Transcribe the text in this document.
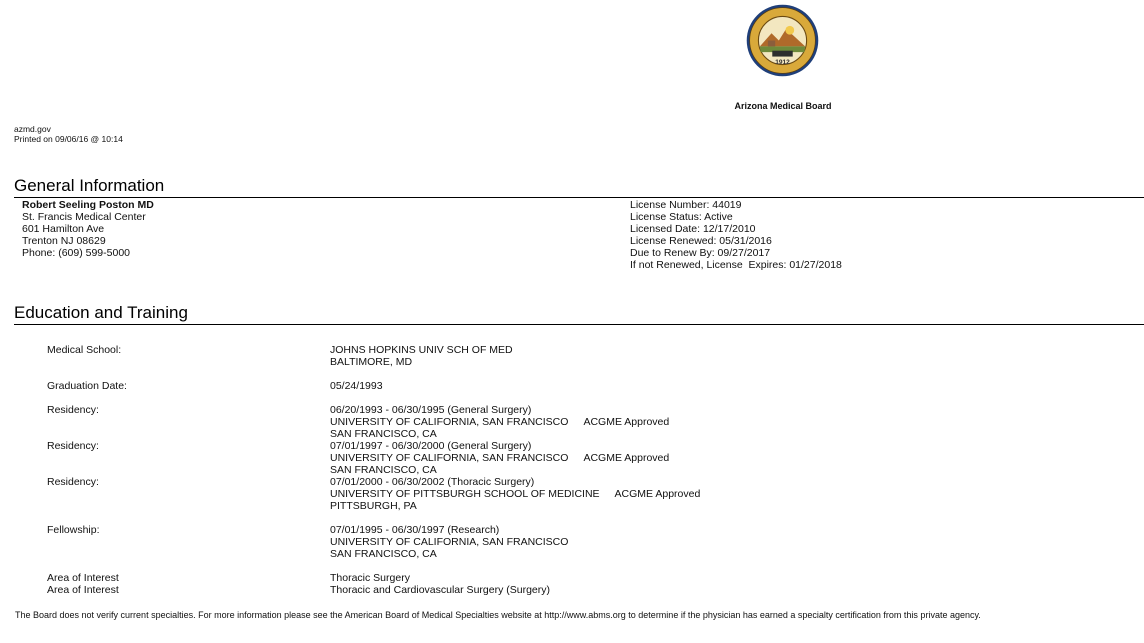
1912
Arizona Medical Board
azmd.gov
Printed on 09/06/16 @ 10:14
General Information
Robert Seeling Poston MD
St. Francis Medical Center
601 Hamilton Ave
Trenton NJ 08629
Phone: (609) 599-5000
License Number: 44019
License Status: Active
Licensed Date: 12/17/2010
License Renewed: 05/31/2016
Due to Renew By: 09/27/2017
If not Renewed, License  Expires: 01/27/2018
Education and Training
Medical School:	JOHNS HOPKINS UNIV SCH OF MED
BALTIMORE, MD
Graduation Date:	05/24/1993
Residency:	06/20/1993 - 06/30/1995 (General Surgery)
UNIVERSITY OF CALIFORNIA, SAN FRANCISCO ACGME Approved
SAN FRANCISCO, CA
Residency:	07/01/1997 - 06/30/2000 (General Surgery)
UNIVERSITY OF CALIFORNIA, SAN FRANCISCO ACGME Approved
SAN FRANCISCO, CA
Residency:	07/01/2000 - 06/30/2002 (Thoracic Surgery)
UNIVERSITY OF PITTSBURGH SCHOOL OF MEDICINE ACGME Approved
PITTSBURGH, PA
Fellowship:	07/01/1995 - 06/30/1997 (Research)
UNIVERSITY OF CALIFORNIA, SAN FRANCISCO
SAN FRANCISCO, CA
Area of Interest	Thoracic Surgery
Area of Interest	Thoracic and Cardiovascular Surgery (Surgery)
The Board does not verify current specialties. For more information please see the American Board of Medical Specialties website at http://www.abms.org to determine if the physician has earned a specialty certification from this private agency.
